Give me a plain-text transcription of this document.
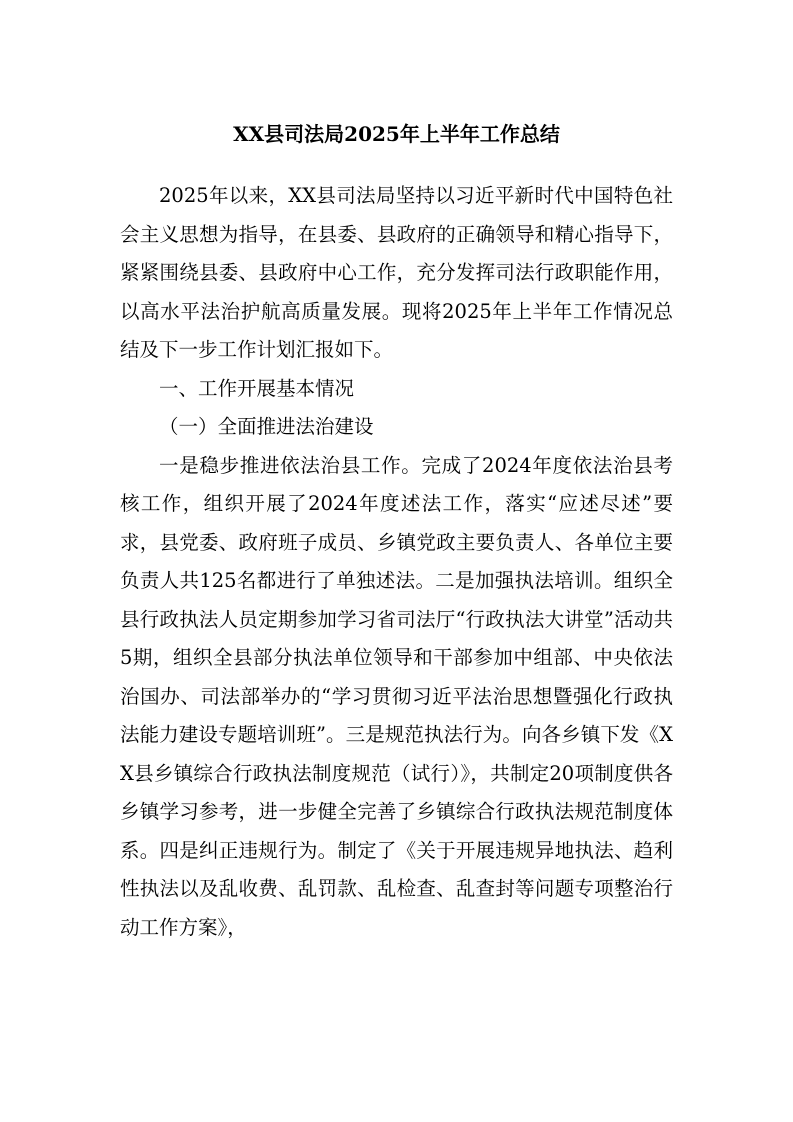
XX县司法局2025年上半年工作总结

2025年以来，XX县司法局坚持以习近平新时代中国特色社会主义思想为指导，在县委、县政府的正确领导和精心指导下，紧紧围绕县委、县政府中心工作，充分发挥司法行政职能作用，以高水平法治护航高质量发展。现将2025年上半年工作情况总结及下一步工作计划汇报如下。

一、工作开展基本情况

（一）全面推进法治建设

一是稳步推进依法治县工作。完成了2024年度依法治县考核工作，组织开展了2024年度述法工作，落实“应述尽述”要求，县党委、政府班子成员、乡镇党政主要负责人、各单位主要负责人共125名都进行了单独述法。二是加强执法培训。组织全县行政执法人员定期参加学习省司法厅“行政执法大讲堂”活动共5期，组织全县部分执法单位领导和干部参加中组部、中央依法治国办、司法部举办的“学习贯彻习近平法治思想暨强化行政执法能力建设专题培训班”。三是规范执法行为。向各乡镇下发《XX县乡镇综合行政执法制度规范（试行）》，共制定20项制度供各乡镇学习参考，进一步健全完善了乡镇综合行政执法规范制度体系。四是纠正违规行为。制定了《关于开展违规异地执法、趋利性执法以及乱收费、乱罚款、乱检查、乱查封等问题专项整治行动工作方案》，
